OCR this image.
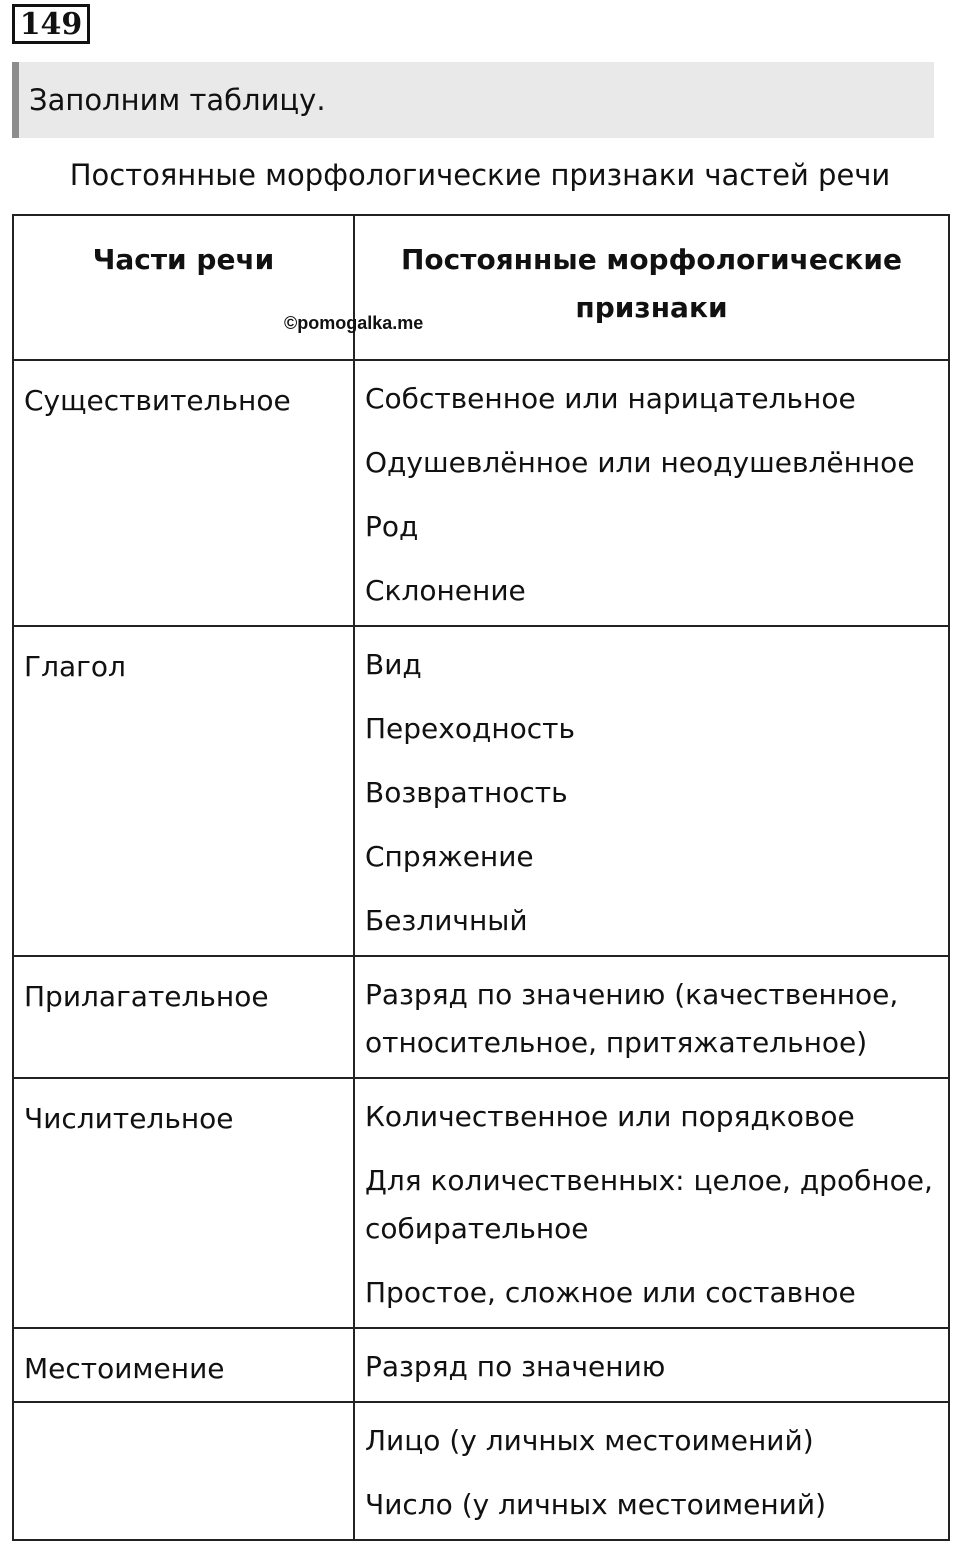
149
Заполним таблицу.
Постоянные морфологические признаки частей речи
Части речи	Постоянные морфологические признаки
Существительное	Собственное или нарицательное
Одушевлённое или неодушевлённое
Род
Склонение

Глагол	Вид
Переходность
Возвратность
Спряжение
Безличный

Прилагательное	Разряд по значению (качественное, относительное, притяжательное)

Числительное	Количественное или порядковое
Для количественных: целое, дробное, собирательное
Простое, сложное или составное

Местоимение	Разряд по значению

	Лицо (у личных местоимений)
Число (у личных местоимений)
©pomogalka.me
